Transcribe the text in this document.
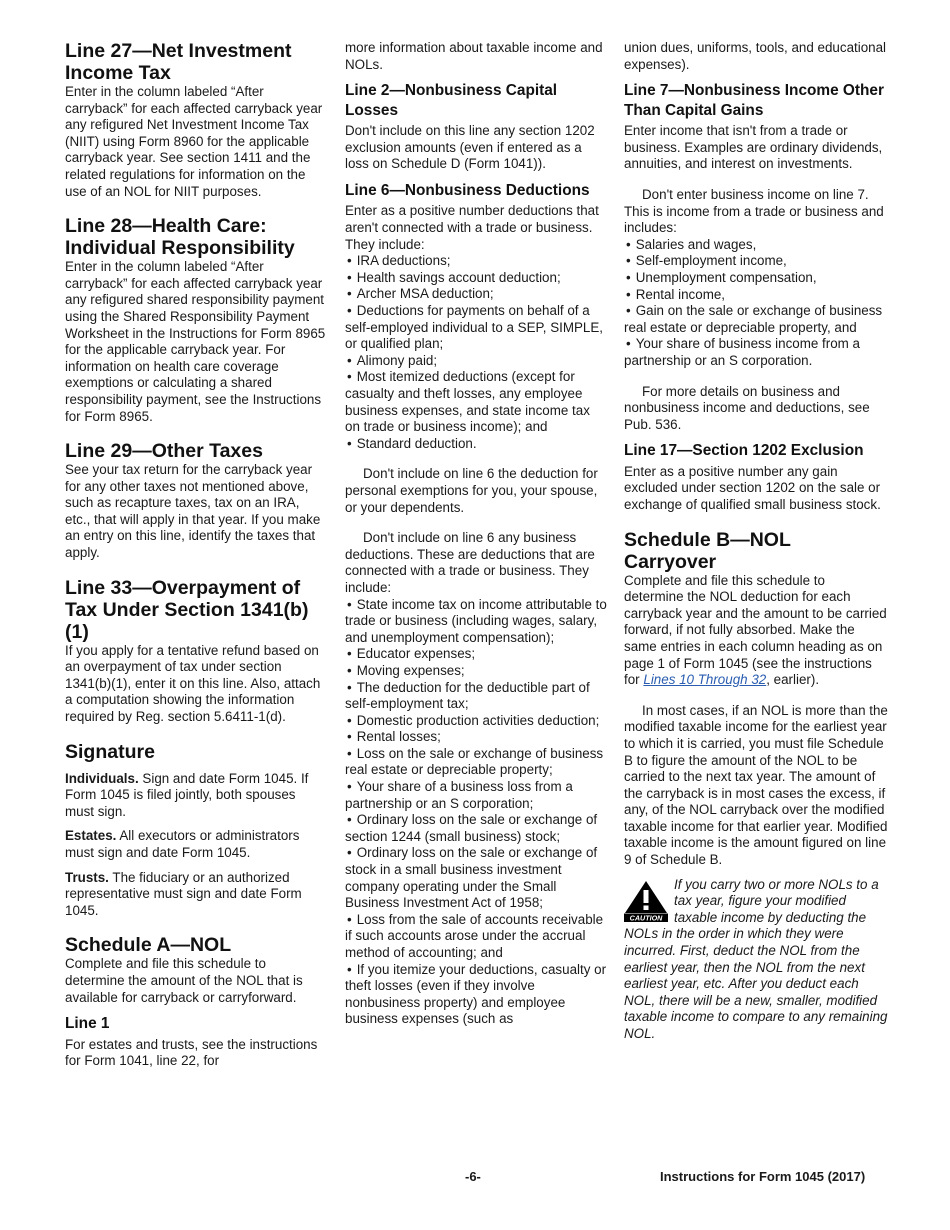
Line 27—Net Investment Income Tax

Enter in the column labeled “After carryback” for each affected carryback year any refigured Net Investment Income Tax (NIIT) using Form 8960 for the applicable carryback year. See section 1411 and the related regulations for information on the use of an NOL for NIIT purposes.

Line 28—Health Care: Individual Responsibility

Enter in the column labeled “After carryback” for each affected carryback year any refigured shared responsibility payment using the Shared Responsibility Payment Worksheet in the Instructions for Form 8965 for the applicable carryback year. For information on health care coverage exemptions or calculating a shared responsibility payment, see the Instructions for Form 8965.

Line 29—Other Taxes

See your tax return for the carryback year for any other taxes not mentioned above, such as recapture taxes, tax on an IRA, etc., that will apply in that year. If you make an entry on this line, identify the taxes that apply.

Line 33—Overpayment of Tax Under Section 1341(b)(1)

If you apply for a tentative refund based on an overpayment of tax under section 1341(b)(1), enter it on this line. Also, attach a computation showing the information required by Reg. section 5.6411-1(d).

Signature

Individuals. Sign and date Form 1045. If Form 1045 is filed jointly, both spouses must sign.

Estates. All executors or administrators must sign and date Form 1045.

Trusts. The fiduciary or an authorized representative must sign and date Form 1045.

Schedule A—NOL

Complete and file this schedule to determine the amount of the NOL that is available for carryback or carryforward.

Line 1

For estates and trusts, see the instructions for Form 1041, line 22, for

more information about taxable income and NOLs.

Line 2—Nonbusiness Capital Losses

Don't include on this line any section 1202 exclusion amounts (even if entered as a loss on Schedule D (Form 1041)).

Line 6—Nonbusiness Deductions

Enter as a positive number deductions that aren't connected with a trade or business. They include:

• IRA deductions;

• Health savings account deduction;

• Archer MSA deduction;

• Deductions for payments on behalf of a self-employed individual to a SEP, SIMPLE, or qualified plan;

• Alimony paid;

• Most itemized deductions (except for casualty and theft losses, any employee business expenses, and state income tax on trade or business income); and

• Standard deduction.

Don't include on line 6 the deduction for personal exemptions for you, your spouse, or your dependents.

Don't include on line 6 any business deductions. These are deductions that are connected with a trade or business. They include:

• State income tax on income attributable to trade or business (including wages, salary, and unemployment compensation);

• Educator expenses;

• Moving expenses;

• The deduction for the deductible part of self-employment tax;

• Domestic production activities deduction;

• Rental losses;

• Loss on the sale or exchange of business real estate or depreciable property;

• Your share of a business loss from a partnership or an S corporation;

• Ordinary loss on the sale or exchange of section 1244 (small business) stock;

• Ordinary loss on the sale or exchange of stock in a small business investment company operating under the Small Business Investment Act of 1958;

• Loss from the sale of accounts receivable if such accounts arose under the accrual method of accounting; and

• If you itemize your deductions, casualty or theft losses (even if they involve nonbusiness property) and employee business expenses (such as

union dues, uniforms, tools, and educational expenses).

Line 7—Nonbusiness Income Other Than Capital Gains

Enter income that isn't from a trade or business. Examples are ordinary dividends, annuities, and interest on investments.

Don't enter business income on line 7. This is income from a trade or business and includes:

• Salaries and wages,

• Self-employment income,

• Unemployment compensation,

• Rental income,

• Gain on the sale or exchange of business real estate or depreciable property, and

• Your share of business income from a partnership or an S corporation.

For more details on business and nonbusiness income and deductions, see Pub. 536.

Line 17—Section 1202 Exclusion

Enter as a positive number any gain excluded under section 1202 on the sale or exchange of qualified small business stock.

Schedule B—NOL Carryover

Complete and file this schedule to determine the NOL deduction for each carryback year and the amount to be carried forward, if not fully absorbed. Make the same entries in each column heading as on page 1 of Form 1045 (see the instructions for Lines 10 Through 32, earlier).

In most cases, if an NOL is more than the modified taxable income for the earliest year to which it is carried, you must file Schedule B to figure the amount of the NOL to be carried to the next tax year. The amount of the carryback is in most cases the excess, if any, of the NOL carryback over the modified taxable income for that earlier year. Modified taxable income is the amount figured on line 9 of Schedule B.

CAUTION

If you carry two or more NOLs to a tax year, figure your modified taxable income by deducting the NOLs in the order in which they were incurred. First, deduct the NOL from the earliest year, then the NOL from the next earliest year, etc. After you deduct each NOL, there will be a new, smaller, modified taxable income to compare to any remaining NOL.

-6-	Instructions for Form 1045 (2017)
